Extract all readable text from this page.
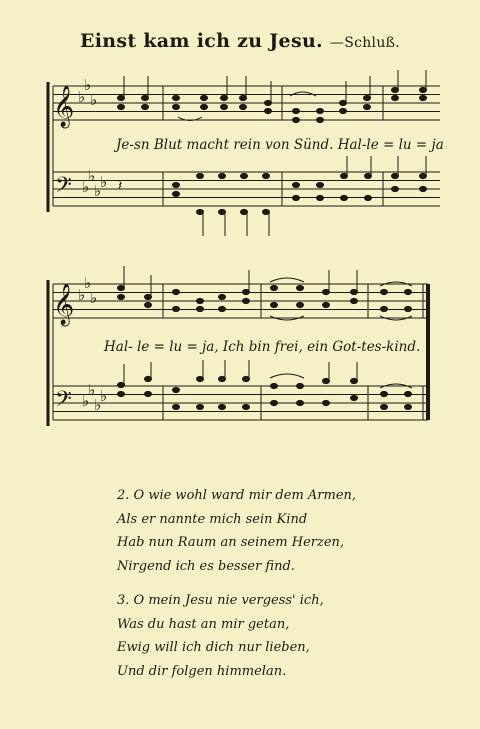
Einst kam ich zu Jesu. —Schluß.
𝄞
𝄢
♭
♭
♭
♭
♭
♭
♭ 𝄽
Je-sn Blut macht rein von Sünd. Hal-le = lu = ja
𝄞
𝄢
♭
♭
♭
♭
♭
♭
♭
Hal- le = lu = ja, Ich bin frei, ein Got-tes-kind.
2. O wie wohl ward mir dem Armen,
Als er nannte mich sein Kind
Hab nun Raum an seinem Herzen,
Nirgend ich es besser find.
3. O mein Jesu nie vergess' ich,
Was du hast an mir getan,
Ewig will ich dich nur lieben,
Und dir folgen himmelan.
